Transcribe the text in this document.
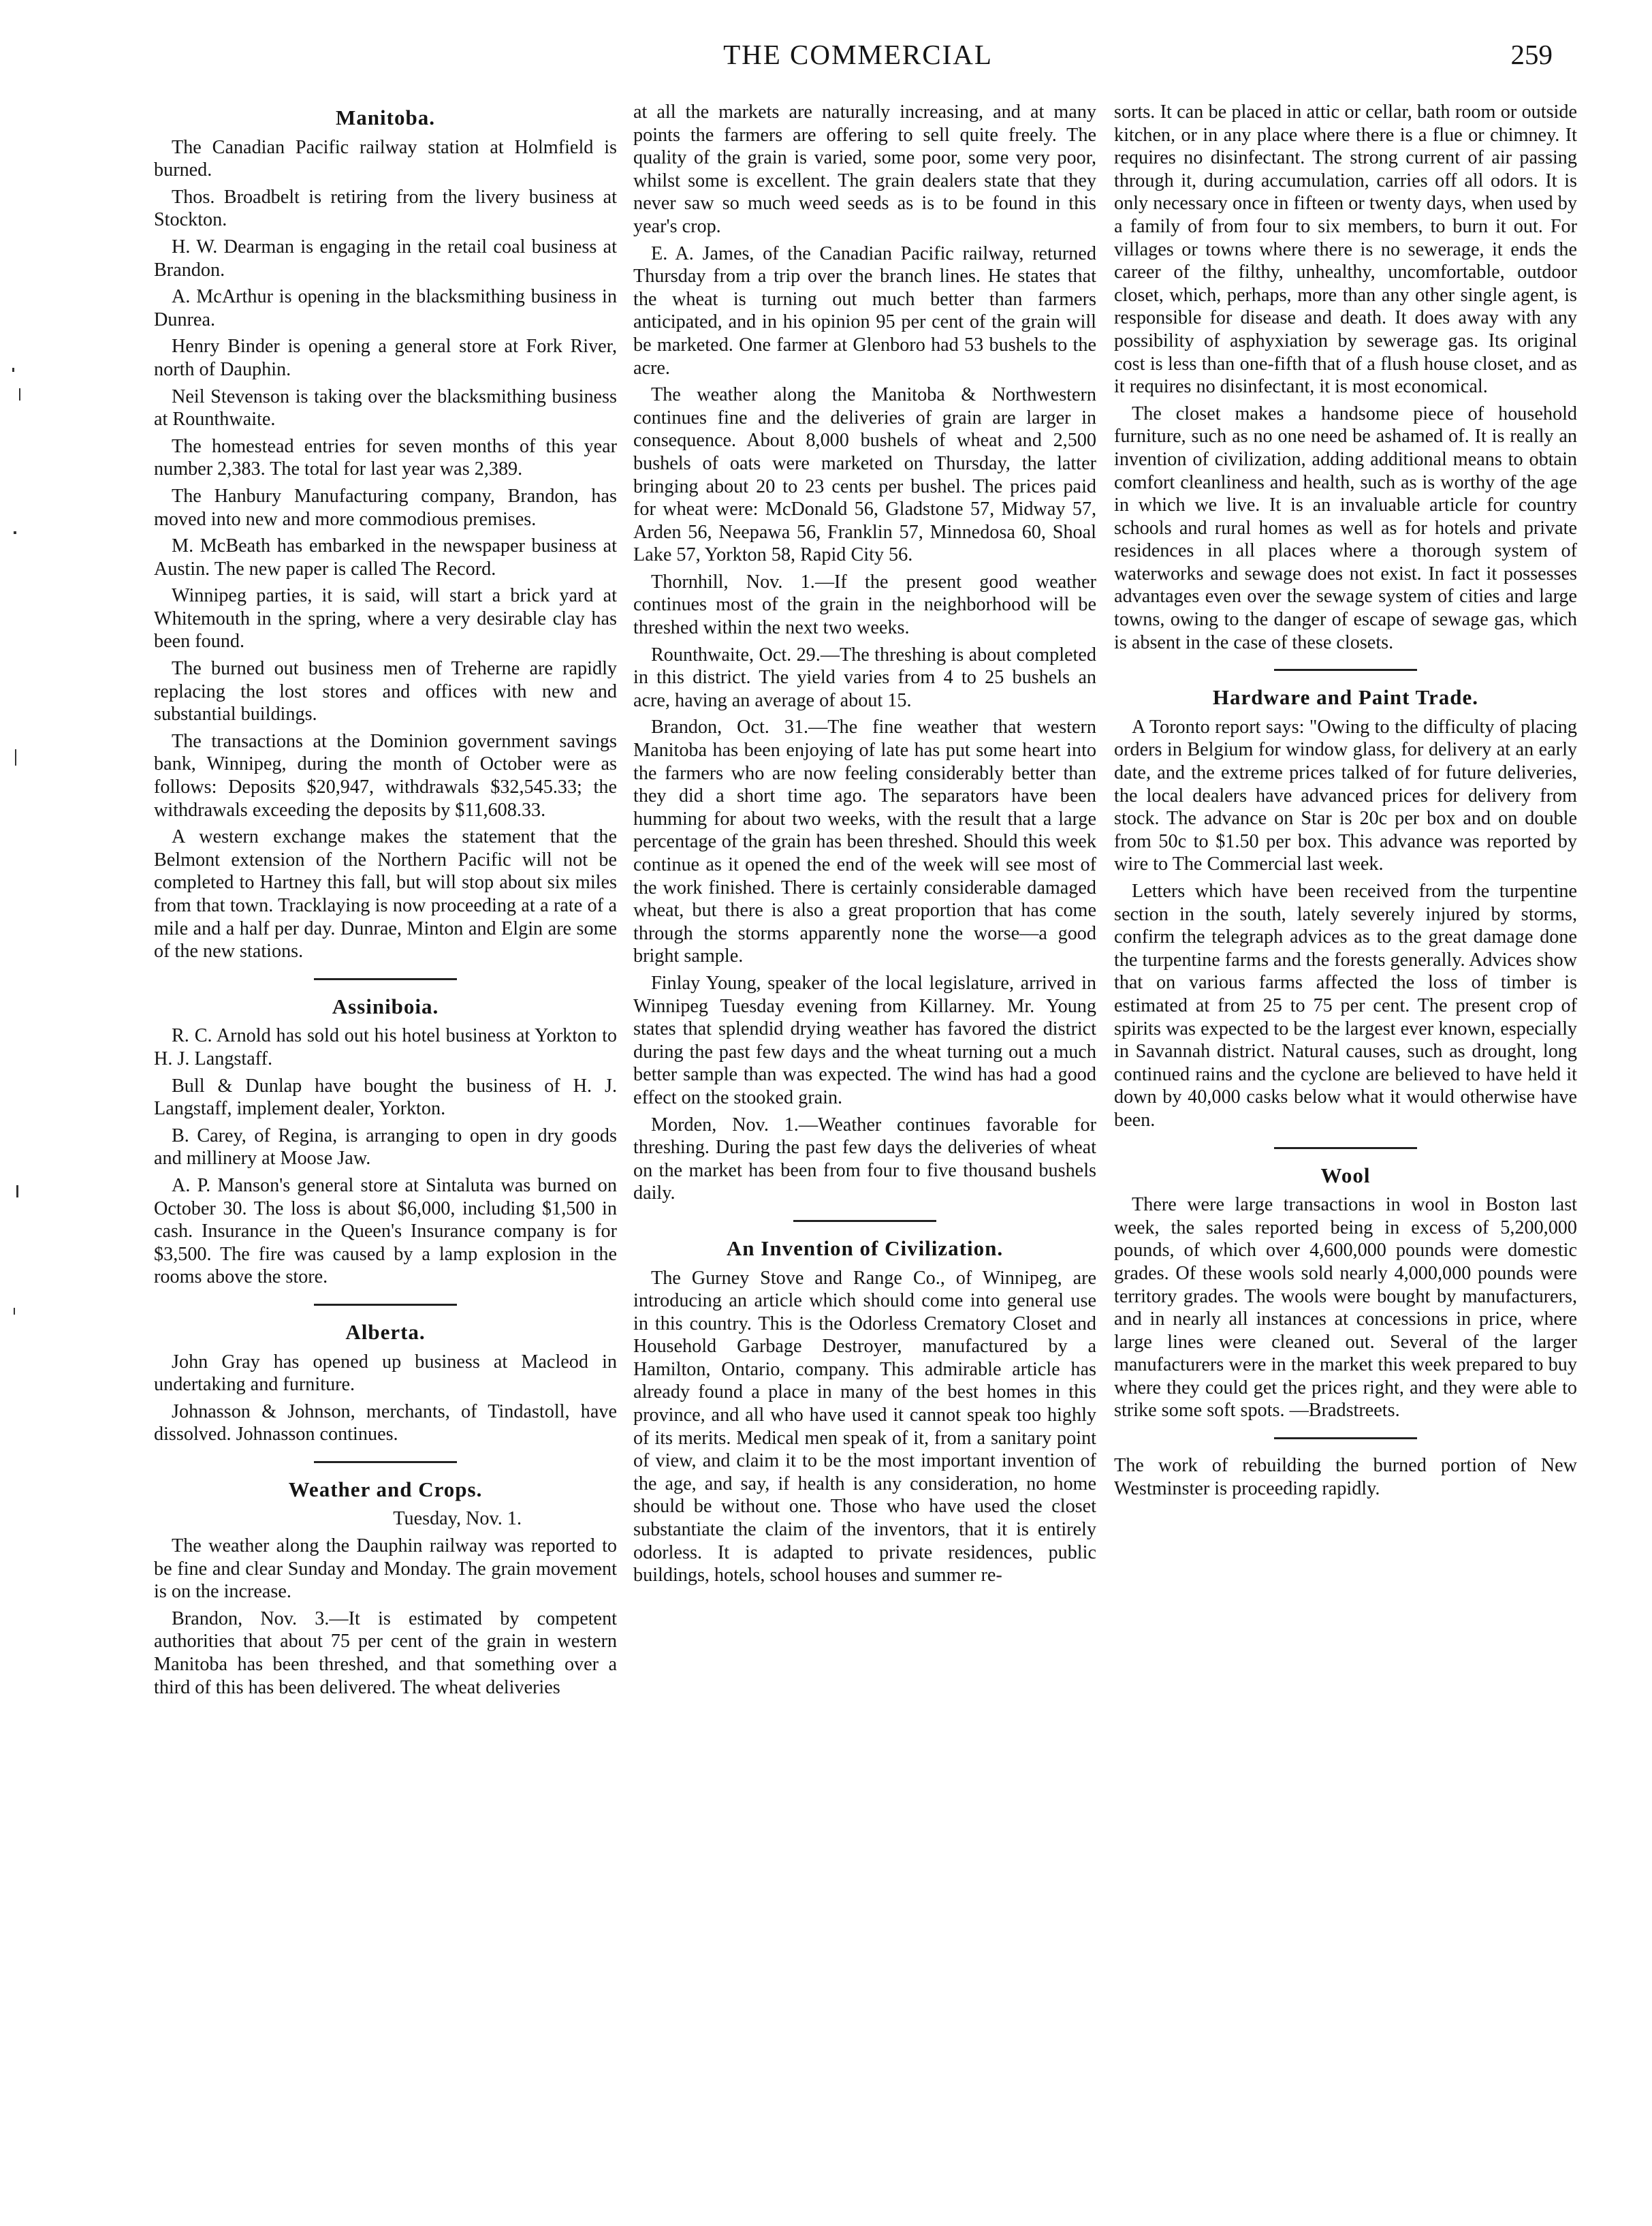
THE COMMERCIAL	259
Manitoba.

The Canadian Pacific railway station at Holmfield is burned.

Thos. Broadbelt is retiring from the livery business at Stockton.

H. W. Dearman is engaging in the retail coal business at Brandon.

A. McArthur is opening in the blacksmithing business in Dunrea.

Henry Binder is opening a general store at Fork River, north of Dauphin.

Neil Stevenson is taking over the blacksmithing business at Rounthwaite.

The homestead entries for seven months of this year number 2,383. The total for last year was 2,389.

The Hanbury Manufacturing company, Brandon, has moved into new and more commodious premises.

M. McBeath has embarked in the newspaper business at Austin. The new paper is called The Record.

Winnipeg parties, it is said, will start a brick yard at Whitemouth in the spring, where a very desirable clay has been found.

The burned out business men of Treherne are rapidly replacing the lost stores and offices with new and substantial buildings.

The transactions at the Dominion government savings bank, Winnipeg, during the month of October were as follows: Deposits $20,947, withdrawals $32,545.33; the withdrawals exceeding the deposits by $11,608.33.

A western exchange makes the statement that the Belmont extension of the Northern Pacific will not be completed to Hartney this fall, but will stop about six miles from that town. Tracklaying is now proceeding at a rate of a mile and a half per day. Dunrae, Minton and Elgin are some of the new stations.

Assiniboia.

R. C. Arnold has sold out his hotel business at Yorkton to H. J. Langstaff.

Bull & Dunlap have bought the business of H. J. Langstaff, implement dealer, Yorkton.

B. Carey, of Regina, is arranging to open in dry goods and millinery at Moose Jaw.

A. P. Manson's general store at Sintaluta was burned on October 30. The loss is about $6,000, including $1,500 in cash. Insurance in the Queen's Insurance company is for $3,500. The fire was caused by a lamp explosion in the rooms above the store.

Alberta.

John Gray has opened up business at Macleod in undertaking and furniture.

Johnasson & Johnson, merchants, of Tindastoll, have dissolved. Johnasson continues.

Weather and Crops.

Tuesday, Nov. 1.

The weather along the Dauphin railway was reported to be fine and clear Sunday and Monday. The grain movement is on the increase.

Brandon, Nov. 3.—It is estimated by competent authorities that about 75 per cent of the grain in western Manitoba has been threshed, and that something over a third of this has been delivered. The wheat deliveries

at all the markets are naturally increasing, and at many points the farmers are offering to sell quite freely. The quality of the grain is varied, some poor, some very poor, whilst some is excellent. The grain dealers state that they never saw so much weed seeds as is to be found in this year's crop.

E. A. James, of the Canadian Pacific railway, returned Thursday from a trip over the branch lines. He states that the wheat is turning out much better than farmers anticipated, and in his opinion 95 per cent of the grain will be marketed. One farmer at Glenboro had 53 bushels to the acre.

The weather along the Manitoba & Northwestern continues fine and the deliveries of grain are larger in consequence. About 8,000 bushels of wheat and 2,500 bushels of oats were marketed on Thursday, the latter bringing about 20 to 23 cents per bushel. The prices paid for wheat were: McDonald 56, Gladstone 57, Midway 57, Arden 56, Neepawa 56, Franklin 57, Minnedosa 60, Shoal Lake 57, Yorkton 58, Rapid City 56.

Thornhill, Nov. 1.—If the present good weather continues most of the grain in the neighborhood will be threshed within the next two weeks.

Rounthwaite, Oct. 29.—The threshing is about completed in this district. The yield varies from 4 to 25 bushels an acre, having an average of about 15.

Brandon, Oct. 31.—The fine weather that western Manitoba has been enjoying of late has put some heart into the farmers who are now feeling considerably better than they did a short time ago. The separators have been humming for about two weeks, with the result that a large percentage of the grain has been threshed. Should this week continue as it opened the end of the week will see most of the work finished. There is certainly considerable damaged wheat, but there is also a great proportion that has come through the storms apparently none the worse—a good bright sample.

Finlay Young, speaker of the local legislature, arrived in Winnipeg Tuesday evening from Killarney. Mr. Young states that splendid drying weather has favored the district during the past few days and the wheat turning out a much better sample than was expected. The wind has had a good effect on the stooked grain.

Morden, Nov. 1.—Weather continues favorable for threshing. During the past few days the deliveries of wheat on the market has been from four to five thousand bushels daily.

An Invention of Civilization.

The Gurney Stove and Range Co., of Winnipeg, are introducing an article which should come into general use in this country. This is the Odorless Crematory Closet and Household Garbage Destroyer, manufactured by a Hamilton, Ontario, company. This admirable article has already found a place in many of the best homes in this province, and all who have used it cannot speak too highly of its merits. Medical men speak of it, from a sanitary point of view, and claim it to be the most important invention of the age, and say, if health is any consideration, no home should be without one. Those who have used the closet substantiate the claim of the inventors, that it is entirely odorless. It is adapted to private residences, public buildings, hotels, school houses and summer re-

sorts. It can be placed in attic or cellar, bath room or outside kitchen, or in any place where there is a flue or chimney. It requires no disinfectant. The strong current of air passing through it, during accumulation, carries off all odors. It is only necessary once in fifteen or twenty days, when used by a family of from four to six members, to burn it out. For villages or towns where there is no sewerage, it ends the career of the filthy, unhealthy, uncomfortable, outdoor closet, which, perhaps, more than any other single agent, is responsible for disease and death. It does away with any possibility of asphyxiation by sewerage gas. Its original cost is less than one-fifth that of a flush house closet, and as it requires no disinfectant, it is most economical.

The closet makes a handsome piece of household furniture, such as no one need be ashamed of. It is really an invention of civilization, adding additional means to obtain comfort cleanliness and health, such as is worthy of the age in which we live. It is an invaluable article for country schools and rural homes as well as for hotels and private residences in all places where a thorough system of waterworks and sewage does not exist. In fact it possesses advantages even over the sewage system of cities and large towns, owing to the danger of escape of sewage gas, which is absent in the case of these closets.

Hardware and Paint Trade.

A Toronto report says: "Owing to the difficulty of placing orders in Belgium for window glass, for delivery at an early date, and the extreme prices talked of for future deliveries, the local dealers have advanced prices for delivery from stock. The advance on Star is 20c per box and on double from 50c to $1.50 per box. This advance was reported by wire to The Commercial last week.

Letters which have been received from the turpentine section in the south, lately severely injured by storms, confirm the telegraph advices as to the great damage done the turpentine farms and the forests generally. Advices show that on various farms affected the loss of timber is estimated at from 25 to 75 per cent. The present crop of spirits was expected to be the largest ever known, especially in Savannah district. Natural causes, such as drought, long continued rains and the cyclone are believed to have held it down by 40,000 casks below what it would otherwise have been.

Wool

There were large transactions in wool in Boston last week, the sales reported being in excess of 5,200,000 pounds, of which over 4,600,000 pounds were domestic grades. Of these wools sold nearly 4,000,000 pounds were territory grades. The wools were bought by manufacturers, and in nearly all instances at concessions in price, where large lines were cleaned out. Several of the larger manufacturers were in the market this week prepared to buy where they could get the prices right, and they were able to strike some soft spots. —Bradstreets.

The work of rebuilding the burned portion of New Westminster is proceeding rapidly.
